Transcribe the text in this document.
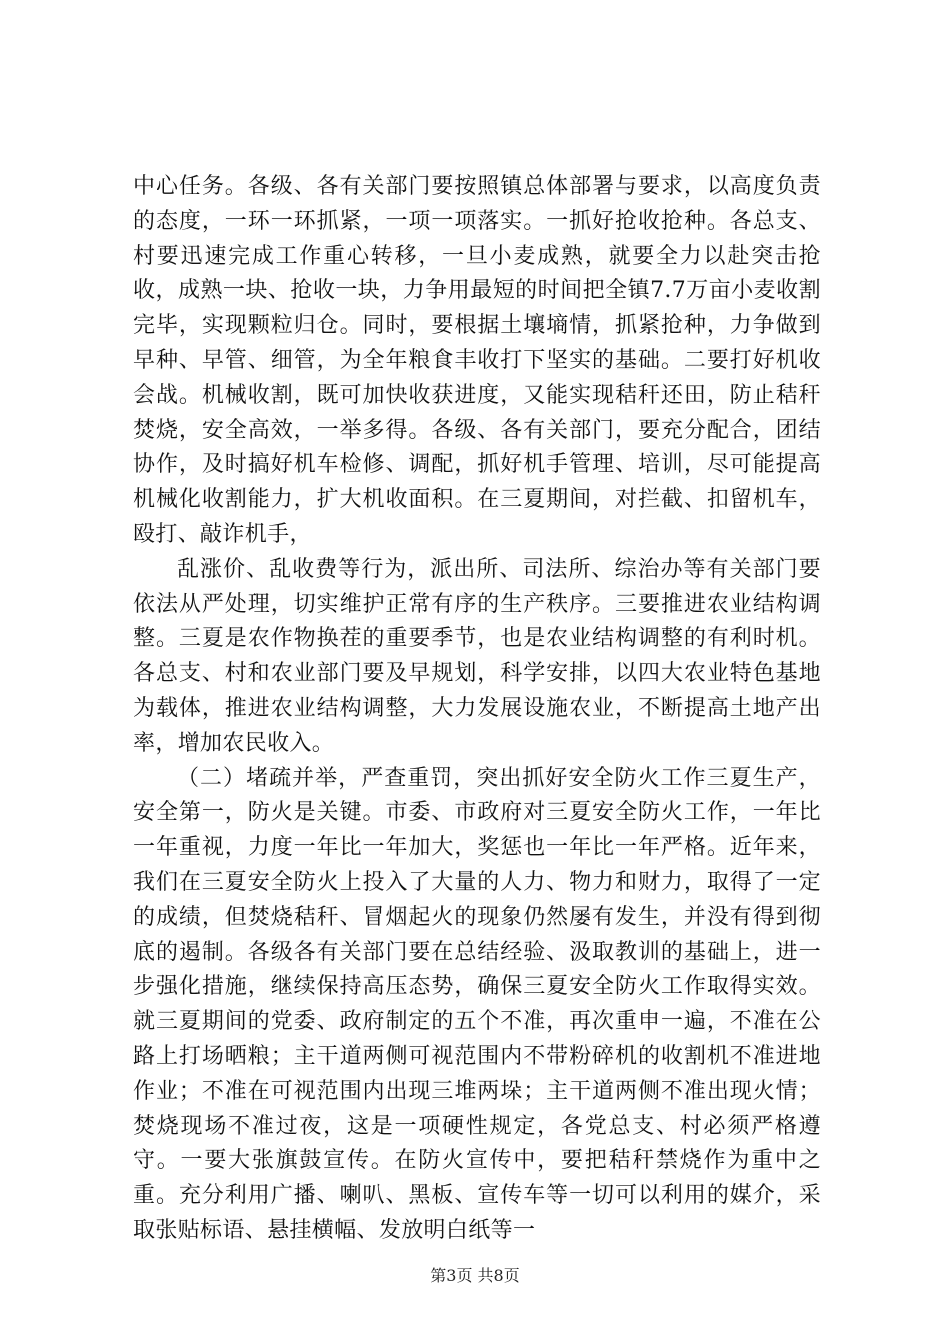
中心任务。各级、各有关部门要按照镇总体部署与要求，以高度负责的态度，一环一环抓紧，一项一项落实。一抓好抢收抢种。各总支、村要迅速完成工作重心转移，一旦小麦成熟，就要全力以赴突击抢收，成熟一块、抢收一块，力争用最短的时间把全镇7.7万亩小麦收割完毕，实现颗粒归仓。同时，要根据土壤墒情，抓紧抢种，力争做到早种、早管、细管，为全年粮食丰收打下坚实的基础。二要打好机收会战。机械收割，既可加快收获进度，又能实现秸秆还田，防止秸秆焚烧，安全高效，一举多得。各级、各有关部门，要充分配合，团结协作，及时搞好机车检修、调配，抓好机手管理、培训，尽可能提高机械化收割能力，扩大机收面积。在三夏期间，对拦截、扣留机车，殴打、敲诈机手，

乱涨价、乱收费等行为，派出所、司法所、综治办等有关部门要依法从严处理，切实维护正常有序的生产秩序。三要推进农业结构调整。三夏是农作物换茬的重要季节，也是农业结构调整的有利时机。各总支、村和农业部门要及早规划，科学安排，以四大农业特色基地为载体，推进农业结构调整，大力发展设施农业，不断提高土地产出率，增加农民收入。

（二）堵疏并举，严查重罚，突出抓好安全防火工作三夏生产，安全第一，防火是关键。市委、市政府对三夏安全防火工作，一年比一年重视，力度一年比一年加大，奖惩也一年比一年严格。近年来，我们在三夏安全防火上投入了大量的人力、物力和财力，取得了一定的成绩，但焚烧秸秆、冒烟起火的现象仍然屡有发生，并没有得到彻底的遏制。各级各有关部门要在总结经验、汲取教训的基础上，进一步强化措施，继续保持高压态势，确保三夏安全防火工作取得实效。就三夏期间的党委、政府制定的五个不准，再次重申一遍，不准在公路上打场晒粮；主干道两侧可视范围内不带粉碎机的收割机不准进地作业；不准在可视范围内出现三堆两垛；主干道两侧不准出现火情；焚烧现场不准过夜，这是一项硬性规定，各党总支、村必须严格遵守。一要大张旗鼓宣传。在防火宣传中，要把秸秆禁烧作为重中之重。充分利用广播、喇叭、黑板、宣传车等一切可以利用的媒介，采取张贴标语、悬挂横幅、发放明白纸等一

第3页 共8页
